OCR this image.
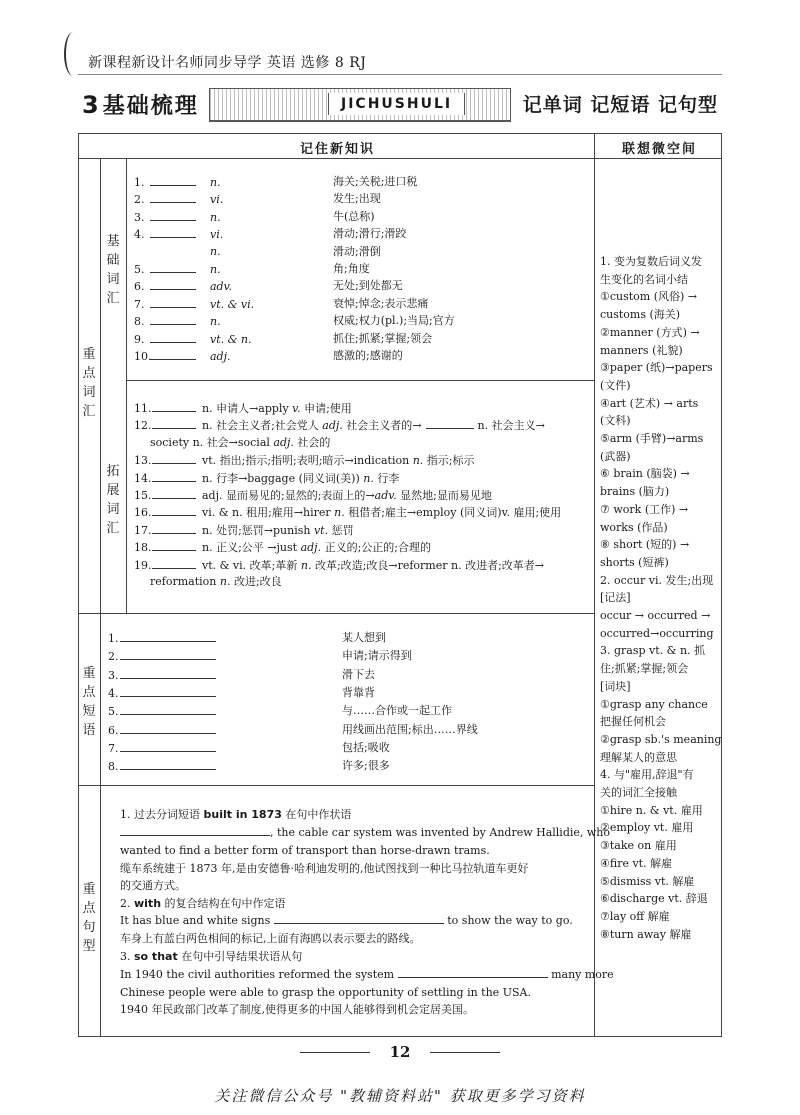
新课程新设计名师同步导学 英语 选修 8 RJ
3基础梳理	JICHUSHULI	记单词 记短语 记句型
记住新知识	联想微空间
重
点
词
汇
基
础
词
汇
拓
展
词
汇
重
点
短
语
重
点
句
型
1.	n.	海关;关税;进口税
2.	vi.	发生;出现
3.	n.	牛(总称)
4.	vi.	滑动;滑行;滑跤
n.	滑动;滑倒
5.	n.	角;角度
6.	adv.	无处;到处都无
7.	vt. & vi.	衰悼;悼念;表示悲痛
8.	n.	权威;权力(pl.);当局;官方
9.	vt. & n.	抓住;抓紧;掌握;领会
10.	adj.	感激的;感谢的
11.	n. 申请人→apply v. 申请;使用
12.	n. 社会主义者;社会党人 adj. 社会主义者的→	n. 社会主义→
society n. 社会→social adj. 社会的
13.	vt. 指出;指示;指明;表明;暗示→indication n. 指示;标示
14.	n. 行李→baggage (同义词(美)) n. 行李
15.	adj. 显而易见的;显然的;表面上的→adv. 显然地;显而易见地
16.	vi. & n. 租用;雇用→hirer n. 租借者;雇主→employ (同义词)v. 雇用;使用
17.	n. 处罚;惩罚→punish vt. 惩罚
18.	n. 正义;公平 →just adj. 正义的;公正的;合理的
19.	vt. & vi. 改革;革新 n. 改革;改造;改良→reformer n. 改进者;改革者→
reformation n. 改进;改良
1.	某人想到
2.	申请;请示得到
3.	滑下去
4.	背靠背
5.	与……合作或一起工作
6.	用线画出范围;标出……界线
7.	包括;吸收
8.	许多;很多
1. 过去分词短语 built in 1873 在句中作状语
, the cable car system was invented by Andrew Hallidie, who
wanted to find a better form of transport than horse-drawn trams.
缆车系统建于 1873 年,是由安德鲁·哈利迪发明的,他试图找到一种比马拉轨道车更好
的交通方式。
2. with 的复合结构在句中作定语
It has blue and white signs	to show the way to go.
车身上有蓝白两色相间的标记,上面有海鸥以表示要去的路线。
3. so that 在句中引导结果状语从句
In 1940 the civil authorities reformed the system	many more
Chinese people were able to grasp the opportunity of settling in the USA.
1940 年民政部门改革了制度,使得更多的中国人能够得到机会定居美国。
1. 变为复数后词义发
生变化的名词小结
①custom (风俗) →
customs (海关)
②manner (方式) →
manners (礼貌)
③paper (纸)→papers
(文件)
④art (艺术) → arts
(文科)
⑤arm (手臂)→arms
(武器)
⑥ brain (脑袋) →
brains (脑力)
⑦ work (工作) →
works (作品)
⑧ short (短的) →
shorts (短裤)
2. occur vi. 发生;出现
[记法]
occur → occurred →
occurred→occurring
3. grasp vt. & n. 抓
住;抓紧;掌握;领会
[词块]
①grasp any chance
把握任何机会
②grasp sb.'s meaning
理解某人的意思
4. 与"雇用,辞退"有
关的词汇全接触
①hire n. & vt. 雇用
②employ vt. 雇用
③take on 雇用
④fire vt. 解雇
⑤dismiss vt. 解雇
⑥discharge vt. 辞退
⑦lay off 解雇
⑧turn away 解雇
12
关注微信公众号 "教辅资料站" 获取更多学习资料
